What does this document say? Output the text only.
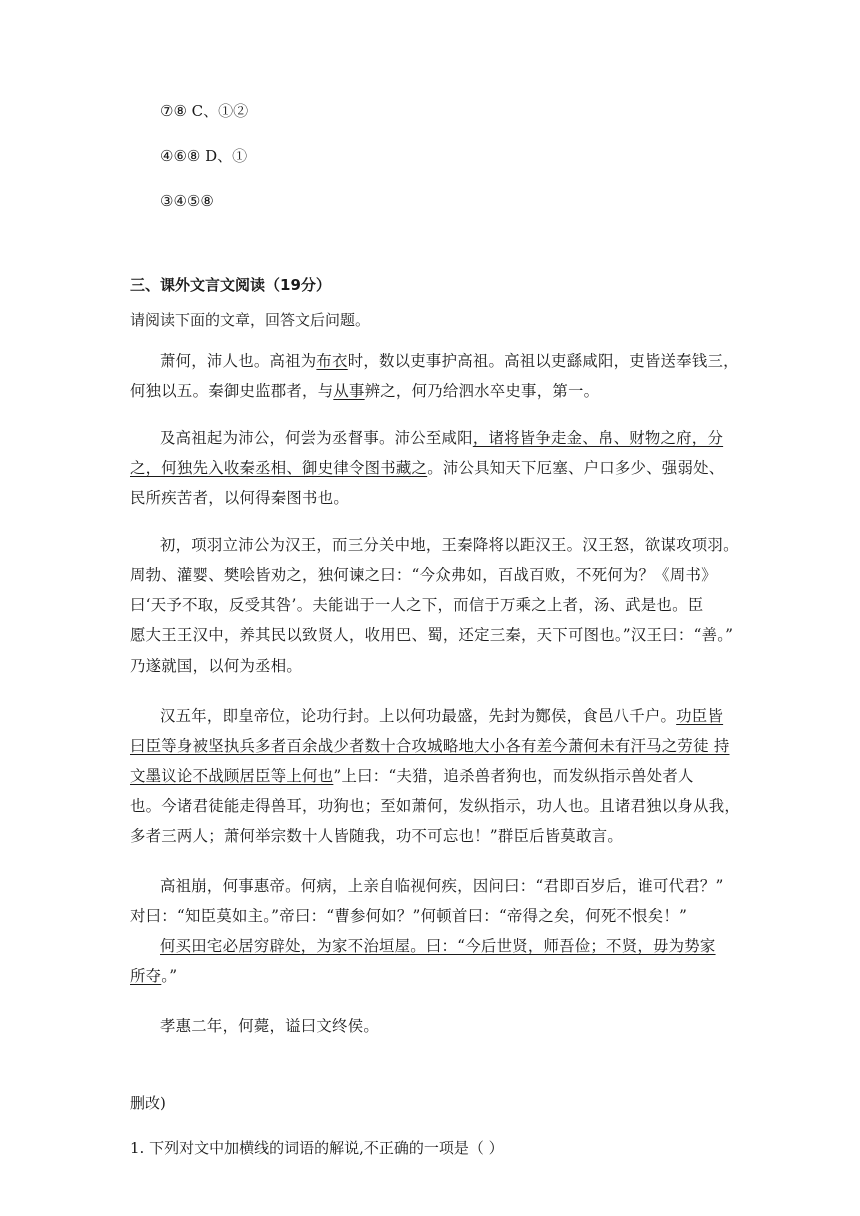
⑦⑧ C、①②
④⑥⑧ D、①
③④⑤⑧
三、课外文言文阅读（19分）
请阅读下面的文章，回答文后问题。
萧何，沛人也。高祖为布衣时，数以吏事护高祖。高祖以吏繇咸阳，吏皆送奉钱三，
何独以五。秦御史监郡者，与从事辨之，何乃给泗水卒史事，第一。
及高祖起为沛公，何尝为丞督事。沛公至咸阳，诸将皆争走金、帛、财物之府，分
之，何独先入收秦丞相、御史律令图书藏之。沛公具知天下厄塞、户口多少、强弱处、
民所疾苦者，以何得秦图书也。
初，项羽立沛公为汉王，而三分关中地，王秦降将以距汉王。汉王怒，欲谋攻项羽。
周勃、灌婴、樊哙皆劝之，独何谏之曰：“今众弗如，百战百败，不死何为？《周书》
曰‘天予不取，反受其咎’。夫能诎于一人之下，而信于万乘之上者，汤、武是也。臣
愿大王王汉中，养其民以致贤人，收用巴、蜀，还定三秦，天下可图也。”汉王曰：“善。”
乃遂就国，以何为丞相。
汉五年，即皇帝位，论功行封。上以何功最盛，先封为酂侯，食邑八千户。功臣皆
曰臣等身被坚执兵多者百余战少者数十合攻城略地大小各有差今萧何未有汗马之劳徒 持
文墨议论不战顾居臣等上何也”上曰：“夫猎，追杀兽者狗也，而发纵指示兽处者人
也。今诸君徒能走得兽耳，功狗也；至如萧何，发纵指示，功人也。且诸君独以身从我，
多者三两人；萧何举宗数十人皆随我，功不可忘也！”群臣后皆莫敢言。
高祖崩，何事惠帝。何病，上亲自临视何疾，因问曰：“君即百岁后，谁可代君？”
对曰：“知臣莫如主。”帝曰：“曹参何如？”何顿首曰：“帝得之矣，何死不恨矣！”
何买田宅必居穷辟处，为家不治垣屋。曰：“今后世贤，师吾俭；不贤，毋为势家
所夺。”
孝惠二年，何薨，谥曰文终侯。
删改)
1. 下列对文中加横线的词语的解说,不正确的一项是（ ）
